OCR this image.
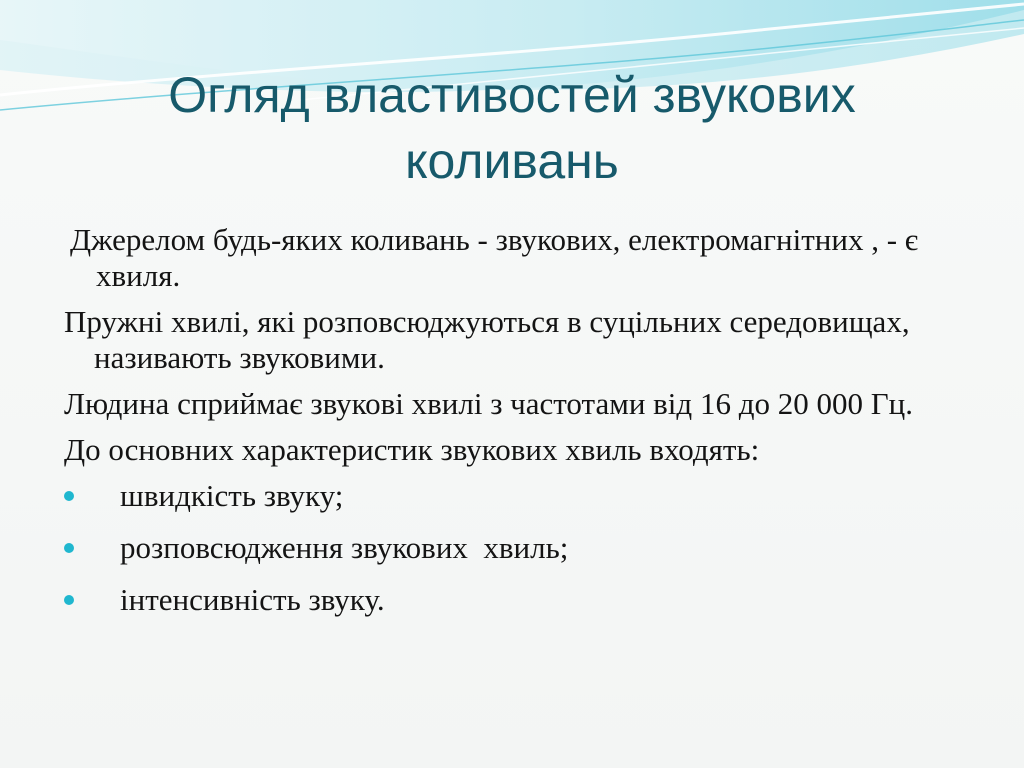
Огляд властивостей звукових коливань

Джерелом будь-яких коливань - звукових, електромагнітних , - є хвиля.

Пружні хвилі, які розповсюджуються в суцільних середовищах, називають звуковими.

Людина сприймає звукові хвилі з частотами від 16 до 20 000 Гц.

До основних характеристик звукових хвиль входять:

швидкість звуку;
розповсюдження звукових  хвиль;
інтенсивність звуку.
